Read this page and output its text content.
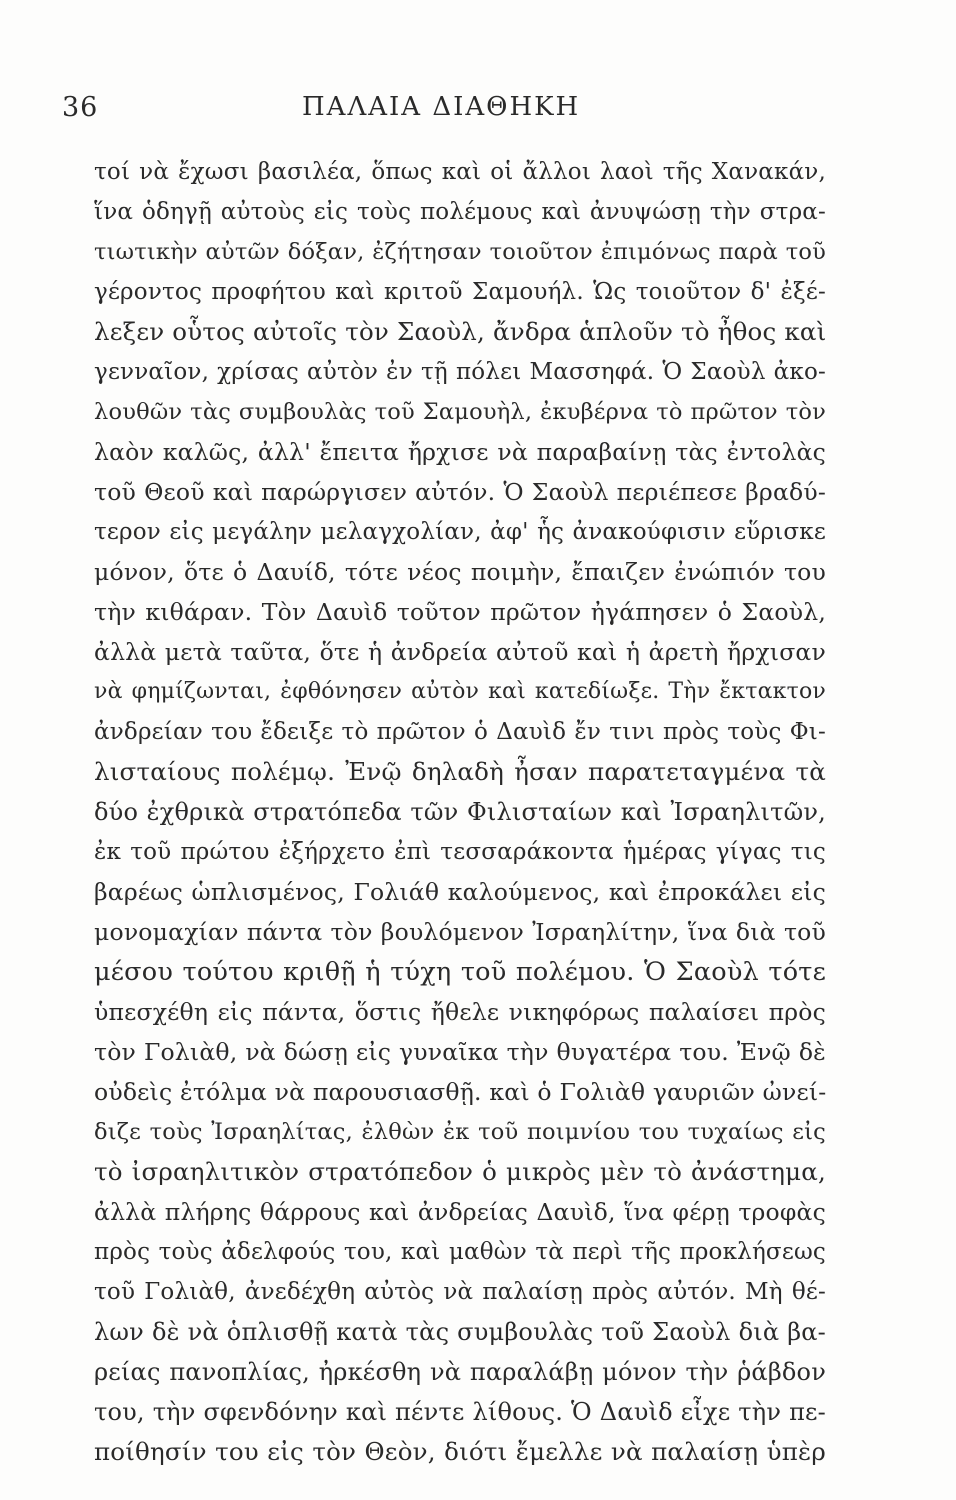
36	ΠΑΛΑΙΑ ΔΙΑΘΗΚΗ
τοί νὰ ἔχωσι βασιλέα, ὅπως καὶ οἱ ἄλλοι λαοὶ τῆς Χανακάν,
ἵνα ὁδηγῇ αὐτοὺς εἰς τοὺς πολέμους καὶ ἀνυψώσῃ τὴν στρα-
τιωτικὴν αὐτῶν δόξαν, ἐζήτησαν τοιοῦτον ἐπιμόνως παρὰ τοῦ
γέροντος προφήτου καὶ κριτοῦ Σαμουήλ. Ὡς τοιοῦτον δ' ἐξέ-
λεξεν οὗτος αὐτοῖς τὸν Σαοὺλ, ἄνδρα ἁπλοῦν τὸ ἦθος καὶ
γενναῖον, χρίσας αὐτὸν ἐν τῇ πόλει Μασσηφά. Ὁ Σαοὺλ ἀκο-
λουθῶν τὰς συμβουλὰς τοῦ Σαμουὴλ, ἐκυβέρνα τὸ πρῶτον τὸν
λαὸν καλῶς, ἀλλ' ἔπειτα ἤρχισε νὰ παραβαίνῃ τὰς ἐντολὰς
τοῦ Θεοῦ καὶ παρώργισεν αὐτόν. Ὁ Σαοὺλ περιέπεσε βραδύ-
τερον εἰς μεγάλην μελαγχολίαν, ἀφ' ἧς ἀνακούφισιν εὕρισκε
μόνον, ὅτε ὁ Δαυίδ, τότε νέος ποιμὴν, ἔπαιζεν ἐνώπιόν του
τὴν κιθάραν. Τὸν Δαυὶδ τοῦτον πρῶτον ἠγάπησεν ὁ Σαοὺλ,
ἀλλὰ μετὰ ταῦτα, ὅτε ἡ ἀνδρεία αὐτοῦ καὶ ἡ ἀρετὴ ἤρχισαν
νὰ φημίζωνται, ἐφθόνησεν αὐτὸν καὶ κατεδίωξε. Τὴν ἔκτακτον
ἀνδρείαν του ἔδειξε τὸ πρῶτον ὁ Δαυὶδ ἔν τινι πρὸς τοὺς Φι-
λισταίους πολέμῳ. Ἐνῷ δηλαδὴ ἦσαν παρατεταγμένα τὰ
δύο ἐχθρικὰ στρατόπεδα τῶν Φιλισταίων καὶ Ἰσραηλιτῶν,
ἐκ τοῦ πρώτου ἐξήρχετο ἐπὶ τεσσαράκοντα ἡμέρας γίγας τις
βαρέως ὡπλισμένος, Γολιάθ καλούμενος, καὶ ἐπροκάλει εἰς
μονομαχίαν πάντα τὸν βουλόμενον Ἰσραηλίτην, ἵνα διὰ τοῦ
μέσου τούτου κριθῇ ἡ τύχη τοῦ πολέμου. Ὁ Σαοὺλ τότε
ὑπεσχέθη εἰς πάντα, ὅστις ἤθελε νικηφόρως παλαίσει πρὸς
τὸν Γολιὰθ, νὰ δώσῃ εἰς γυναῖκα τὴν θυγατέρα του. Ἐνῷ δὲ
οὐδεὶς ἐτόλμα νὰ παρουσιασθῇ. καὶ ὁ Γολιὰθ γαυριῶν ὠνεί-
διζε τοὺς Ἰσραηλίτας, ἐλθὼν ἐκ τοῦ ποιμνίου του τυχαίως εἰς
τὸ ἰσραηλιτικὸν στρατόπεδον ὁ μικρὸς μὲν τὸ ἀνάστημα,
ἀλλὰ πλήρης θάρρους καὶ ἀνδρείας Δαυὶδ, ἵνα φέρῃ τροφὰς
πρὸς τοὺς ἀδελφούς του, καὶ μαθὼν τὰ περὶ τῆς προκλήσεως
τοῦ Γολιὰθ, ἀνεδέχθη αὐτὸς νὰ παλαίσῃ πρὸς αὐτόν. Μὴ θέ-
λων δὲ νὰ ὁπλισθῇ κατὰ τὰς συμβουλὰς τοῦ Σαοὺλ διὰ βα-
ρείας πανοπλίας, ἠρκέσθη νὰ παραλάβῃ μόνον τὴν ῥάβδον
του, τὴν σφενδόνην καὶ πέντε λίθους. Ὁ Δαυὶδ εἶχε τὴν πε-
ποίθησίν του εἰς τὸν Θεὸν, διότι ἔμελλε νὰ παλαίσῃ ὑπὲρ
